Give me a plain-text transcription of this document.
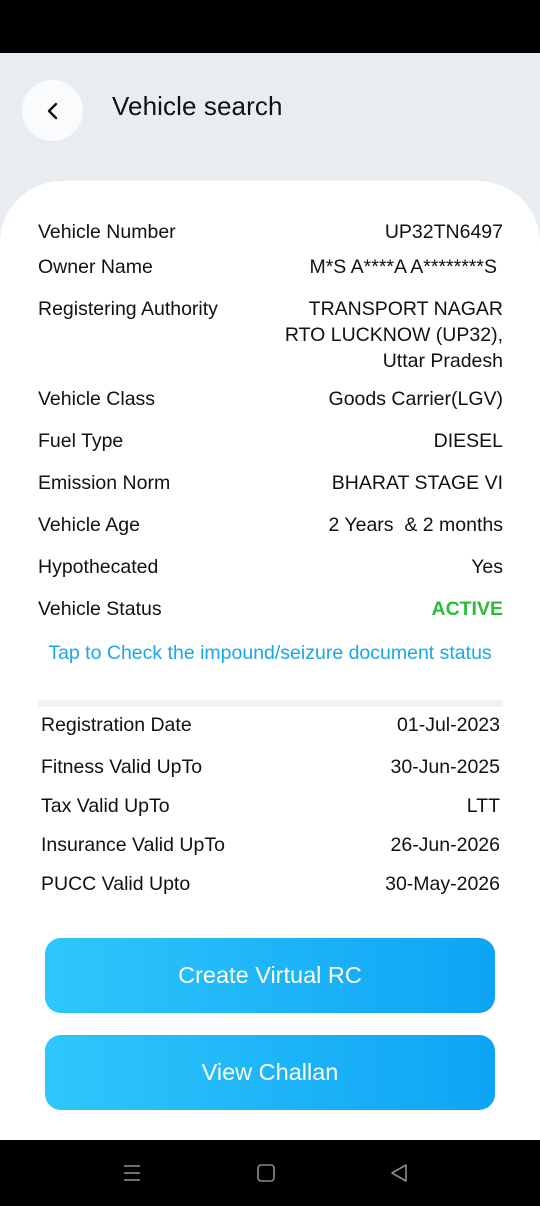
Vehicle search
Vehicle Number	UP32TN6497
Owner Name	M*S A****A A********S
Registering Authority	TRANSPORT NAGAR RTO LUCKNOW (UP32), Uttar Pradesh
Vehicle Class	Goods Carrier(LGV)
Fuel Type	DIESEL
Emission Norm	BHARAT STAGE VI
Vehicle Age	2 Years  & 2 months
Hypothecated	Yes
Vehicle Status	ACTIVE
Tap to Check the impound/seizure document status
Registration Date	01-Jul-2023
Fitness Valid UpTo	30-Jun-2025
Tax Valid UpTo	LTT
Insurance Valid UpTo	26-Jun-2026
PUCC Valid Upto	30-May-2026
Create Virtual RC
View Challan
